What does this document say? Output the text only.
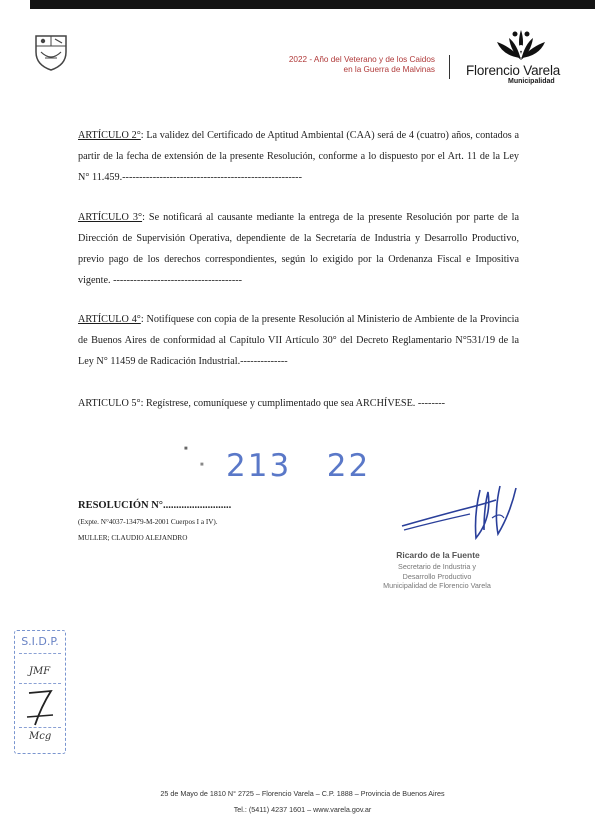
2022 - Año del Veterano y de los Caidos
en la Guerra de Malvinas Florencio Varela
Municipalidad
ARTÍCULO 2°: La validez del Certificado de Aptitud Ambiental (CAA) será de 4 (cuatro) años, contados a partir de la fecha de extensión de la presente Resolución, conforme a lo dispuesto por el Art. 11 de la Ley N° 11.459.-----------------------------------------------------
ARTÍCULO 3°: Se notificará al causante mediante la entrega de la presente Resolución por parte de la Dirección de Supervisión Operativa, dependiente de la Secretaría de Industria y Desarrollo Productivo, previo pago de los derechos correspondientes, según lo exigido por la Ordenanza Fiscal e Impositiva vigente. --------------------------------------
ARTÍCULO 4°: Notifíquese con copia de la presente Resolución al Ministerio de Ambiente de la Provincia de Buenos Aires de conformidad al Capítulo VII Artículo 30° del Decreto Reglamentario N°531/19 de la Ley N° 11459 de Radicación Industrial.--------------
ARTICULO 5°: Regístrese, comuníquese y cumplimentado que sea ARCHÍVESE. --------
■
■ 213   22
RESOLUCIÓN N°..........................
(Expte. N°4037-13479-M-2001 Cuerpos I a IV).
MULLER; CLAUDIO ALEJANDRO
Ricardo de la Fuente
Secretario de Industria y
Desarrollo Productivo
Municipalidad de Florencio Varela
S.I.D.P.
JMF
Mcg
25 de Mayo de 1810 N° 2725 – Florencio Varela – C.P. 1888 – Provincia de Buenos Aires
Tel.: (5411) 4237 1601 – www.varela.gov.ar
